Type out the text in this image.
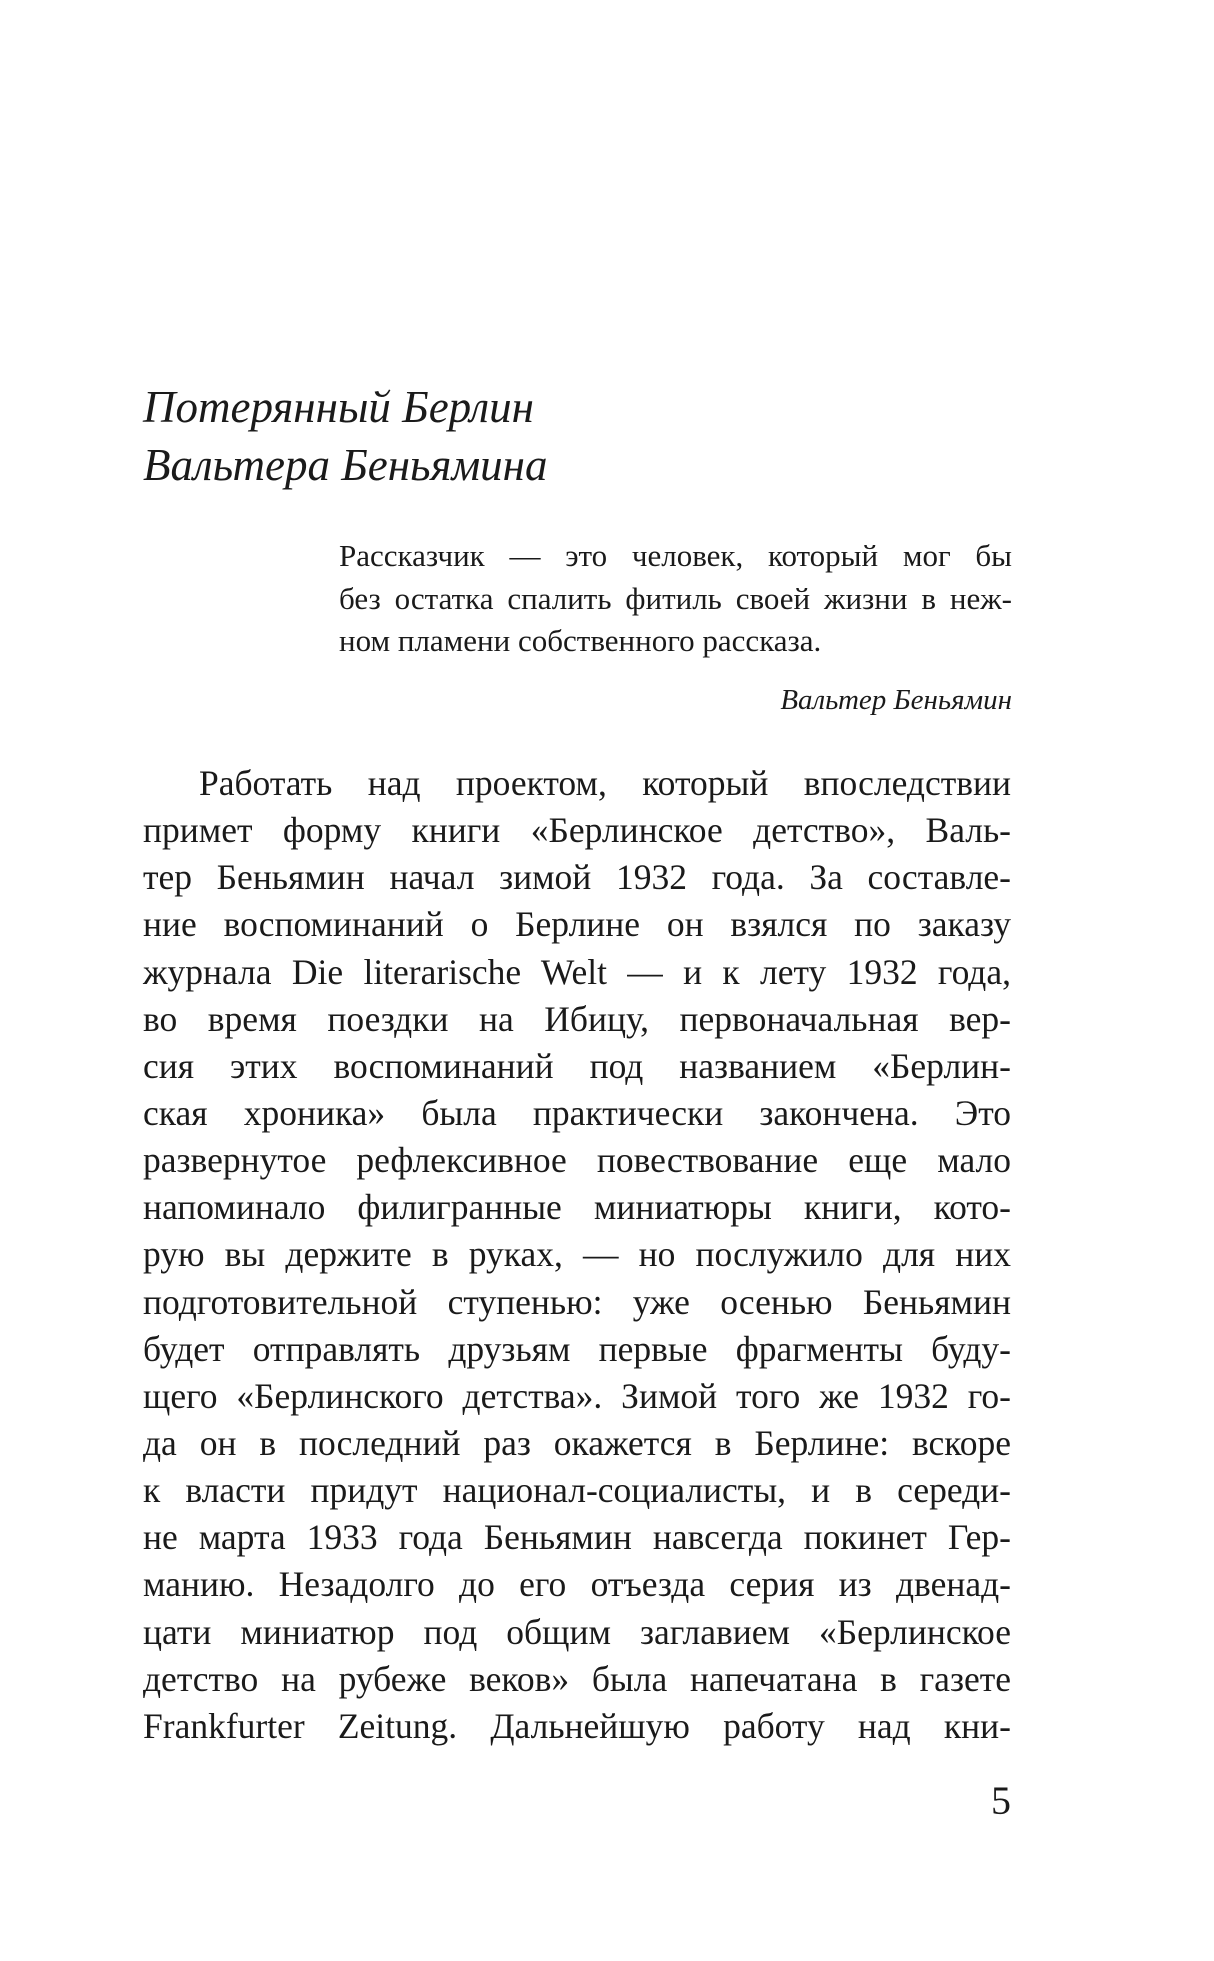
Потерянный Берлин
Вальтера Беньямина
Рассказчик — это человек, который мог бы
без остатка спалить фитиль своей жизни в неж-
ном пламени собственного рассказа.
Вальтер Беньямин
Работать над проектом, который впоследствии
примет форму книги «Берлинское детство», Валь-
тер Беньямин начал зимой 1932 года. За составле-
ние воспоминаний о Берлине он взялся по заказу
журнала Die literarische Welt — и к лету 1932 года,
во время поездки на Ибицу, первоначальная вер-
сия этих воспоминаний под названием «Берлин-
ская хроника» была практически закончена. Это
развернутое рефлексивное повествование еще мало
напоминало филигранные миниатюры книги, кото-
рую вы держите в руках, — но послужило для них
подготовительной ступенью: уже осенью Беньямин
будет отправлять друзьям первые фрагменты буду-
щего «Берлинского детства». Зимой того же 1932 го-
да он в последний раз окажется в Берлине: вскоре
к власти придут национал-социалисты, и в середи-
не марта 1933 года Беньямин навсегда покинет Гер-
манию. Незадолго до его отъезда серия из двенад-
цати миниатюр под общим заглавием «Берлинское
детство на рубеже веков» была напечатана в газете
Frankfurter Zeitung. Дальнейшую работу над кни-
5
